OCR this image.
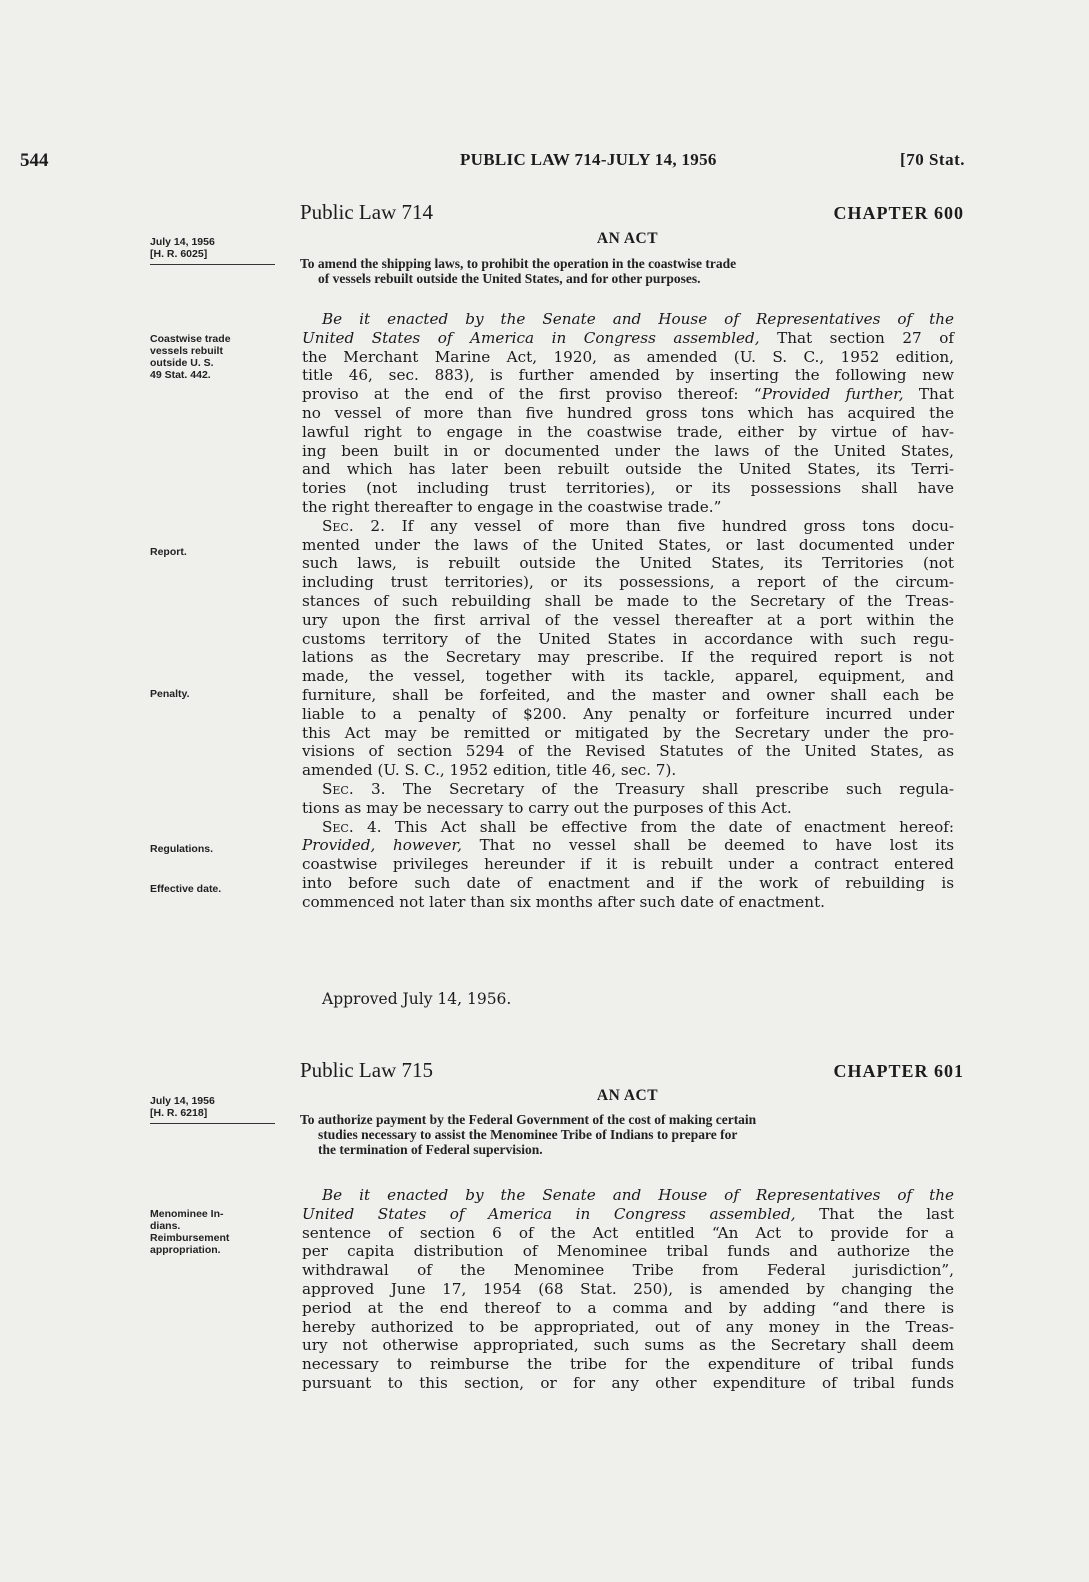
544	PUBLIC LAW 714-JULY 14, 1956	[70 Stat.
Public Law 714	CHAPTER 600
AN ACT
July 14, 1956
[H. R. 6025]
To amend the shipping laws, to prohibit the operation in the coastwise trade
of vessels rebuilt outside the United States, and for other purposes.
Coastwise trade
vessels rebuilt
outside U. S.
49 Stat. 442.
Report.
Penalty.
Regulations.
Effective date.
Be it enacted by the Senate and House of Representatives of the
United States of America in Congress assembled, That section 27 of
the Merchant Marine Act, 1920, as amended (U. S. C., 1952 edition,
title 46, sec. 883), is further amended by inserting the following new
proviso at the end of the first proviso thereof: “Provided further, That
no vessel of more than five hundred gross tons which has acquired the
lawful right to engage in the coastwise trade, either by virtue of hav-
ing been built in or documented under the laws of the United States,
and which has later been rebuilt outside the United States, its Terri-
tories (not including trust territories), or its possessions shall have
the right thereafter to engage in the coastwise trade.”
Sec. 2. If any vessel of more than five hundred gross tons docu-
mented under the laws of the United States, or last documented under
such laws, is rebuilt outside the United States, its Territories (not
including trust territories), or its possessions, a report of the circum-
stances of such rebuilding shall be made to the Secretary of the Treas-
ury upon the first arrival of the vessel thereafter at a port within the
customs territory of the United States in accordance with such regu-
lations as the Secretary may prescribe. If the required report is not
made, the vessel, together with its tackle, apparel, equipment, and
furniture, shall be forfeited, and the master and owner shall each be
liable to a penalty of $200. Any penalty or forfeiture incurred under
this Act may be remitted or mitigated by the Secretary under the pro-
visions of section 5294 of the Revised Statutes of the United States, as
amended (U. S. C., 1952 edition, title 46, sec. 7).
Sec. 3. The Secretary of the Treasury shall prescribe such regula-
tions as may be necessary to carry out the purposes of this Act.
Sec. 4. This Act shall be effective from the date of enactment hereof:
Provided, however, That no vessel shall be deemed to have lost its
coastwise privileges hereunder if it is rebuilt under a contract entered
into before such date of enactment and if the work of rebuilding is
commenced not later than six months after such date of enactment.
Approved July 14, 1956.
Public Law 715	CHAPTER 601
AN ACT
July 14, 1956
[H. R. 6218]	To authorize payment by the Federal Government of the cost of making certain
studies necessary to assist the Menominee Tribe of Indians to prepare for
the termination of Federal supervision.
Menominee In-
dians.
Reimbursement
appropriation.
Be it enacted by the Senate and House of Representatives of the
United States of America in Congress assembled, That the last
sentence of section 6 of the Act entitled “An Act to provide for a
per capita distribution of Menominee tribal funds and authorize the
withdrawal of the Menominee Tribe from Federal jurisdiction”,
approved June 17, 1954 (68 Stat. 250), is amended by changing the
period at the end thereof to a comma and by adding “and there is
hereby authorized to be appropriated, out of any money in the Treas-
ury not otherwise appropriated, such sums as the Secretary shall deem
necessary to reimburse the tribe for the expenditure of tribal funds
pursuant to this section, or for any other expenditure of tribal funds
